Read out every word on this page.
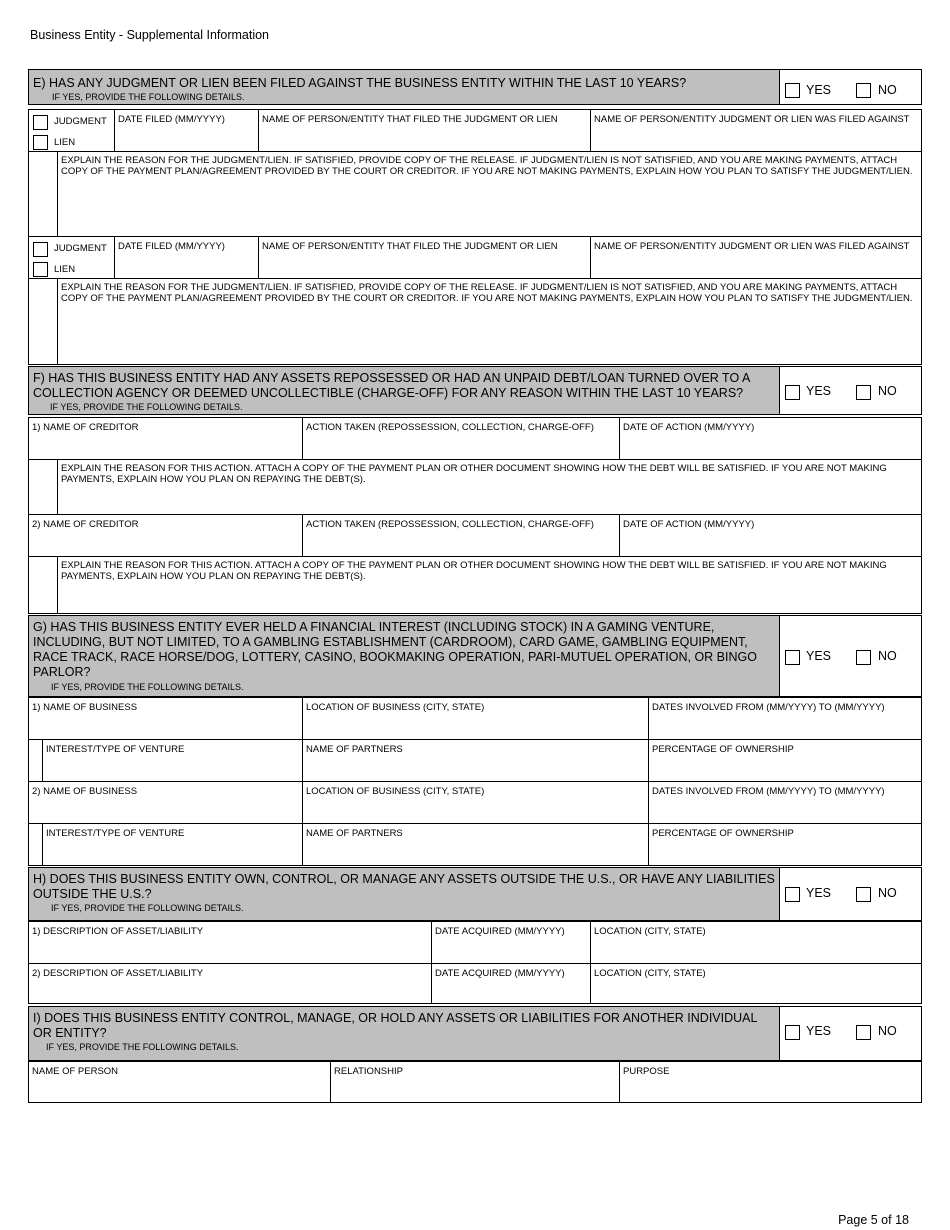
Business Entity - Supplemental Information
E) HAS ANY JUDGMENT OR LIEN BEEN FILED AGAINST THE BUSINESS ENTITY WITHIN THE LAST 10 YEARS?
IF YES, PROVIDE THE FOLLOWING DETAILS.	YES	NO
JUDGMENT
LIEN
DATE FILED (MM/YYYY)	NAME OF PERSON/ENTITY THAT FILED THE JUDGMENT OR LIEN	NAME OF PERSON/ENTITY JUDGMENT OR LIEN WAS FILED AGAINST
EXPLAIN THE REASON FOR THE JUDGMENT/LIEN. IF SATISFIED, PROVIDE COPY OF THE RELEASE. IF JUDGMENT/LIEN IS NOT SATISFIED, AND YOU ARE MAKING PAYMENTS, ATTACH COPY OF THE PAYMENT PLAN/AGREEMENT PROVIDED BY THE COURT OR CREDITOR. IF YOU ARE NOT MAKING PAYMENTS, EXPLAIN HOW YOU PLAN TO SATISFY THE JUDGMENT/LIEN.
JUDGMENT
LIEN
DATE FILED (MM/YYYY)	NAME OF PERSON/ENTITY THAT FILED THE JUDGMENT OR LIEN	NAME OF PERSON/ENTITY JUDGMENT OR LIEN WAS FILED AGAINST
EXPLAIN THE REASON FOR THE JUDGMENT/LIEN. IF SATISFIED, PROVIDE COPY OF THE RELEASE. IF JUDGMENT/LIEN IS NOT SATISFIED, AND YOU ARE MAKING PAYMENTS, ATTACH COPY OF THE PAYMENT PLAN/AGREEMENT PROVIDED BY THE COURT OR CREDITOR. IF YOU ARE NOT MAKING PAYMENTS, EXPLAIN HOW YOU PLAN TO SATISFY THE JUDGMENT/LIEN.
F) HAS THIS BUSINESS ENTITY HAD ANY ASSETS REPOSSESSED OR HAD AN UNPAID DEBT/LOAN TURNED OVER TO A COLLECTION AGENCY OR DEEMED UNCOLLECTIBLE (CHARGE-OFF) FOR ANY REASON WITHIN THE LAST 10 YEARS?
IF YES, PROVIDE THE FOLLOWING DETAILS.
YES	NO
1) NAME OF CREDITOR	ACTION TAKEN (REPOSSESSION, COLLECTION, CHARGE-OFF)	DATE OF ACTION (MM/YYYY)
EXPLAIN THE REASON FOR THIS ACTION. ATTACH A COPY OF THE PAYMENT PLAN OR OTHER DOCUMENT SHOWING HOW THE DEBT WILL BE SATISFIED. IF YOU ARE NOT MAKING PAYMENTS, EXPLAIN HOW YOU PLAN ON REPAYING THE DEBT(S).
2) NAME OF CREDITOR	ACTION TAKEN (REPOSSESSION, COLLECTION, CHARGE-OFF)	DATE OF ACTION (MM/YYYY)
EXPLAIN THE REASON FOR THIS ACTION. ATTACH A COPY OF THE PAYMENT PLAN OR OTHER DOCUMENT SHOWING HOW THE DEBT WILL BE SATISFIED. IF YOU ARE NOT MAKING PAYMENTS, EXPLAIN HOW YOU PLAN ON REPAYING THE DEBT(S).
G) HAS THIS BUSINESS ENTITY EVER HELD A FINANCIAL INTEREST (INCLUDING STOCK) IN A GAMING VENTURE, INCLUDING, BUT NOT LIMITED, TO A GAMBLING ESTABLISHMENT (CARDROOM), CARD GAME, GAMBLING EQUIPMENT, RACE TRACK, RACE HORSE/DOG, LOTTERY, CASINO, BOOKMAKING OPERATION, PARI-MUTUEL OPERATION, OR BINGO PARLOR?
IF YES, PROVIDE THE FOLLOWING DETAILS.
YES	NO
1) NAME OF BUSINESS	LOCATION OF BUSINESS (CITY, STATE)	DATES INVOLVED FROM (MM/YYYY) TO (MM/YYYY)
INTEREST/TYPE OF VENTURE	NAME OF PARTNERS	PERCENTAGE OF OWNERSHIP
2) NAME OF BUSINESS	LOCATION OF BUSINESS (CITY, STATE)	DATES INVOLVED FROM (MM/YYYY) TO (MM/YYYY)
INTEREST/TYPE OF VENTURE	NAME OF PARTNERS	PERCENTAGE OF OWNERSHIP
H) DOES THIS BUSINESS ENTITY OWN, CONTROL, OR MANAGE ANY ASSETS OUTSIDE THE U.S., OR HAVE ANY LIABILITIES OUTSIDE THE U.S.?
IF YES, PROVIDE THE FOLLOWING DETAILS.
YES	NO
1) DESCRIPTION OF ASSET/LIABILITY	DATE ACQUIRED (MM/YYYY)	LOCATION (CITY, STATE)
2) DESCRIPTION OF ASSET/LIABILITY	DATE ACQUIRED (MM/YYYY)	LOCATION (CITY, STATE)
I) DOES THIS BUSINESS ENTITY CONTROL, MANAGE, OR HOLD ANY ASSETS OR LIABILITIES FOR ANOTHER INDIVIDUAL OR ENTITY?
IF YES, PROVIDE THE FOLLOWING DETAILS.
YES	NO
NAME OF PERSON	RELATIONSHIP	PURPOSE
Page 5 of 18
